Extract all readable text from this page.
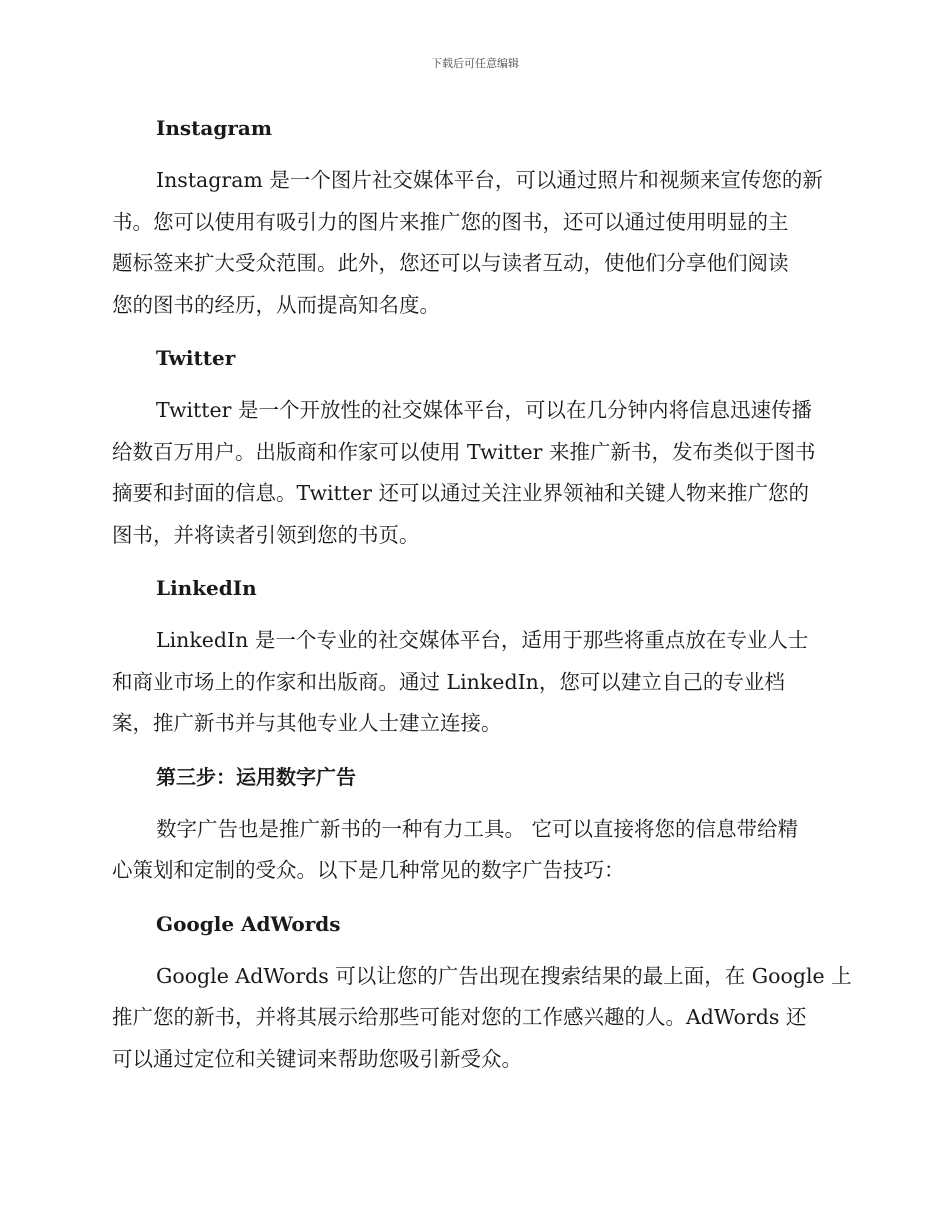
下载后可任意编辑
Instagram
Instagram 是一个图片社交媒体平台，可以通过照片和视频来宣传您的新
书。您可以使用有吸引力的图片来推广您的图书，还可以通过使用明显的主
题标签来扩大受众范围。此外，您还可以与读者互动，使他们分享他们阅读
您的图书的经历，从而提高知名度。
Twitter
Twitter 是一个开放性的社交媒体平台，可以在几分钟内将信息迅速传播
给数百万用户。出版商和作家可以使用 Twitter 来推广新书，发布类似于图书
摘要和封面的信息。Twitter 还可以通过关注业界领袖和关键人物来推广您的
图书，并将读者引领到您的书页。
LinkedIn
LinkedIn 是一个专业的社交媒体平台，适用于那些将重点放在专业人士
和商业市场上的作家和出版商。通过 LinkedIn，您可以建立自己的专业档
案，推广新书并与其他专业人士建立连接。
第三步：运用数字广告
数字广告也是推广新书的一种有力工具。 它可以直接将您的信息带给精
心策划和定制的受众。以下是几种常见的数字广告技巧：
Google AdWords
Google AdWords 可以让您的广告出现在搜索结果的最上面，在 Google 上
推广您的新书，并将其展示给那些可能对您的工作感兴趣的人。AdWords 还
可以通过定位和关键词来帮助您吸引新受众。
